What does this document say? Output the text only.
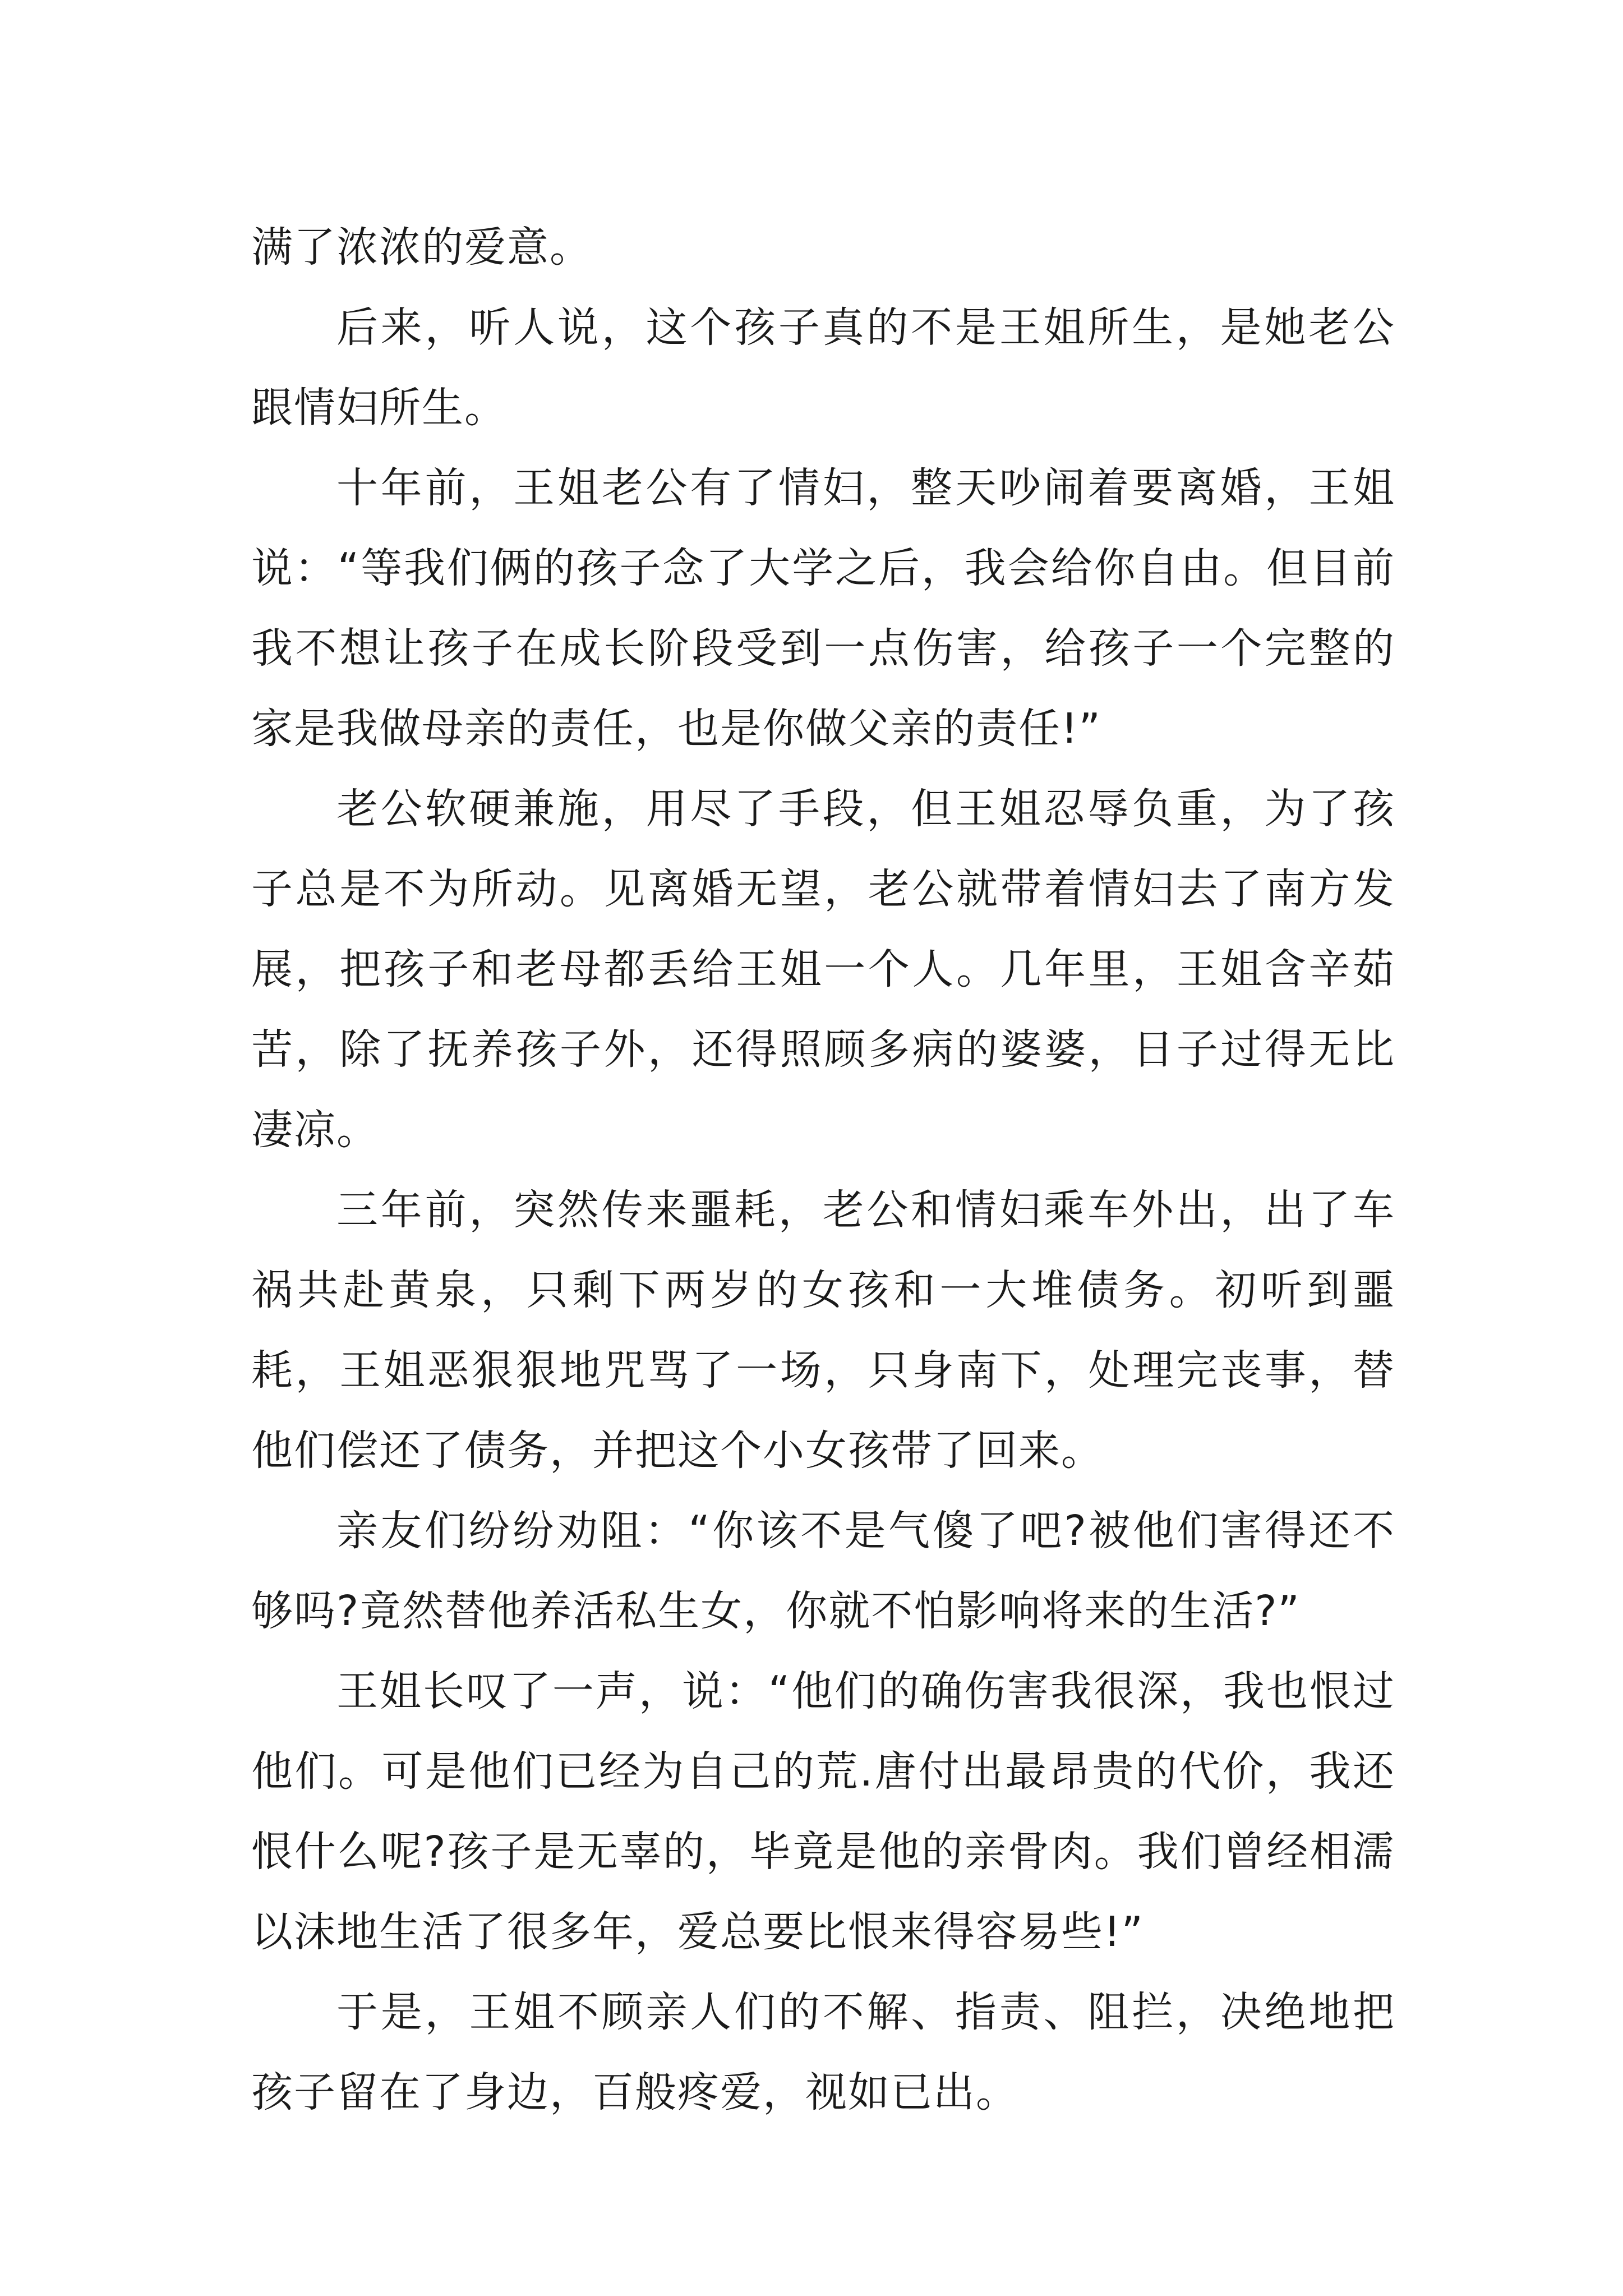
满了浓浓的爱意。

后来，听人说，这个孩子真的不是王姐所生，是她老公跟情妇所生。

十年前，王姐老公有了情妇，整天吵闹着要离婚，王姐说：“等我们俩的孩子念了大学之后，我会给你自由。但目前我不想让孩子在成长阶段受到一点伤害，给孩子一个完整的家是我做母亲的责任，也是你做父亲的责任!”

老公软硬兼施，用尽了手段，但王姐忍辱负重，为了孩子总是不为所动。见离婚无望，老公就带着情妇去了南方发展，把孩子和老母都丢给王姐一个人。几年里，王姐含辛茹苦，除了抚养孩子外，还得照顾多病的婆婆，日子过得无比凄凉。

三年前，突然传来噩耗，老公和情妇乘车外出，出了车祸共赴黄泉，只剩下两岁的女孩和一大堆债务。初听到噩耗，王姐恶狠狠地咒骂了一场，只身南下，处理完丧事，替他们偿还了债务，并把这个小女孩带了回来。

亲友们纷纷劝阻：“你该不是气傻了吧?被他们害得还不够吗?竟然替他养活私生女，你就不怕影响将来的生活?”

王姐长叹了一声，说：“他们的确伤害我很深，我也恨过他们。可是他们已经为自己的荒.唐付出最昂贵的代价，我还恨什么呢?孩子是无辜的，毕竟是他的亲骨肉。我们曾经相濡以沫地生活了很多年，爱总要比恨来得容易些!”

于是，王姐不顾亲人们的不解、指责、阻拦，决绝地把孩子留在了身边，百般疼爱，视如已出。
